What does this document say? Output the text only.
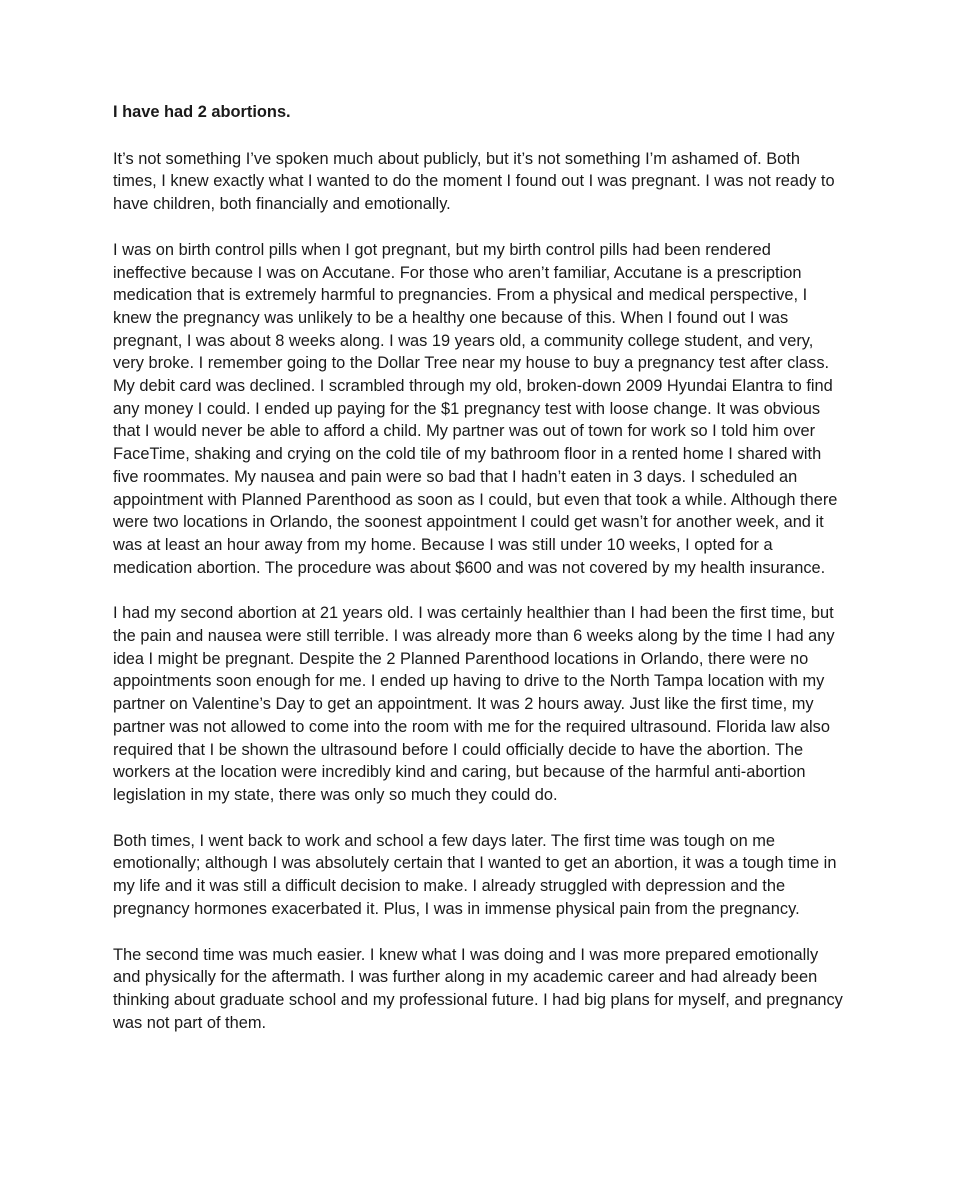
I have had 2 abortions.

It’s not something I’ve spoken much about publicly, but it’s not something I’m ashamed of. Both times, I knew exactly what I wanted to do the moment I found out I was pregnant. I was not ready to have children, both financially and emotionally.

I was on birth control pills when I got pregnant, but my birth control pills had been rendered ineffective because I was on Accutane. For those who aren’t familiar, Accutane is a prescription medication that is extremely harmful to pregnancies. From a physical and medical perspective, I knew the pregnancy was unlikely to be a healthy one because of this. When I found out I was pregnant, I was about 8 weeks along. I was 19 years old, a community college student, and very, very broke. I remember going to the Dollar Tree near my house to buy a pregnancy test after class. My debit card was declined. I scrambled through my old, broken-down 2009 Hyundai Elantra to find any money I could. I ended up paying for the $1 pregnancy test with loose change. It was obvious that I would never be able to afford a child. My partner was out of town for work so I told him over FaceTime, shaking and crying on the cold tile of my bathroom floor in a rented home I shared with five roommates. My nausea and pain were so bad that I hadn’t eaten in 3 days. I scheduled an appointment with Planned Parenthood as soon as I could, but even that took a while. Although there were two locations in Orlando, the soonest appointment I could get wasn’t for another week, and it was at least an hour away from my home. Because I was still under 10 weeks, I opted for a medication abortion. The procedure was about $600 and was not covered by my health insurance.

I had my second abortion at 21 years old. I was certainly healthier than I had been the first time, but the pain and nausea were still terrible. I was already more than 6 weeks along by the time I had any idea I might be pregnant. Despite the 2 Planned Parenthood locations in Orlando, there were no appointments soon enough for me. I ended up having to drive to the North Tampa location with my partner on Valentine’s Day to get an appointment. It was 2 hours away. Just like the first time, my partner was not allowed to come into the room with me for the required ultrasound. Florida law also required that I be shown the ultrasound before I could officially decide to have the abortion. The workers at the location were incredibly kind and caring, but because of the harmful anti-abortion legislation in my state, there was only so much they could do.

Both times, I went back to work and school a few days later. The first time was tough on me emotionally; although I was absolutely certain that I wanted to get an abortion, it was a tough time in my life and it was still a difficult decision to make. I already struggled with depression and the pregnancy hormones exacerbated it. Plus, I was in immense physical pain from the pregnancy.

The second time was much easier. I knew what I was doing and I was more prepared emotionally and physically for the aftermath. I was further along in my academic career and had already been thinking about graduate school and my professional future. I had big plans for myself, and pregnancy was not part of them.
